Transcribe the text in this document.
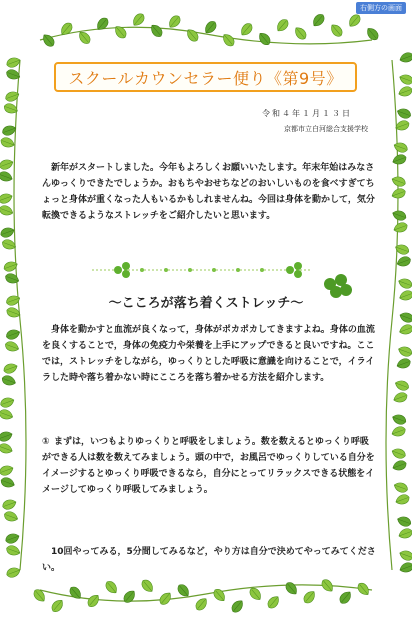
右側方の画面
スクールカウンセラー便り《第9号》
令和４年１月１３日
京都市立白河総合支援学校
新年がスタートしました。今年もよろしくお願いいたします。年末年始はみなさんゆっくりできたでしょうか。おもちやおせちなどのおいしいものを食べすぎてちょっと身体が重くなった人もいるかもしれませんね。今回は身体を動かして，気分転換できるようなストレッチをご紹介したいと思います。
～こころが落ち着くストレッチ～
身体を動かすと血流が良くなって，身体がポカポカしてきますよね。身体の血流を良くすることで，身体の免疫力や栄養を上手にアップできると良いですね。ここでは，ストレッチをしながら，ゆっくりとした呼吸に意識を向けることで，イライラした時や落ち着かない時にこころを落ち着かせる方法を紹介します。
① まずは，いつもよりゆっくりと呼吸をしましょう。数を数えるとゆっくり呼吸ができる人は数を数えてみましょう。頭の中で，お風呂でゆっくりしている自分をイメージするとゆっくり呼吸できるなら，自分にとってリラックスできる状態をイメージしてゆっくり呼吸してみましょう。
10回やってみる，5分間してみるなど，やり方は自分で決めてやってみてください。
